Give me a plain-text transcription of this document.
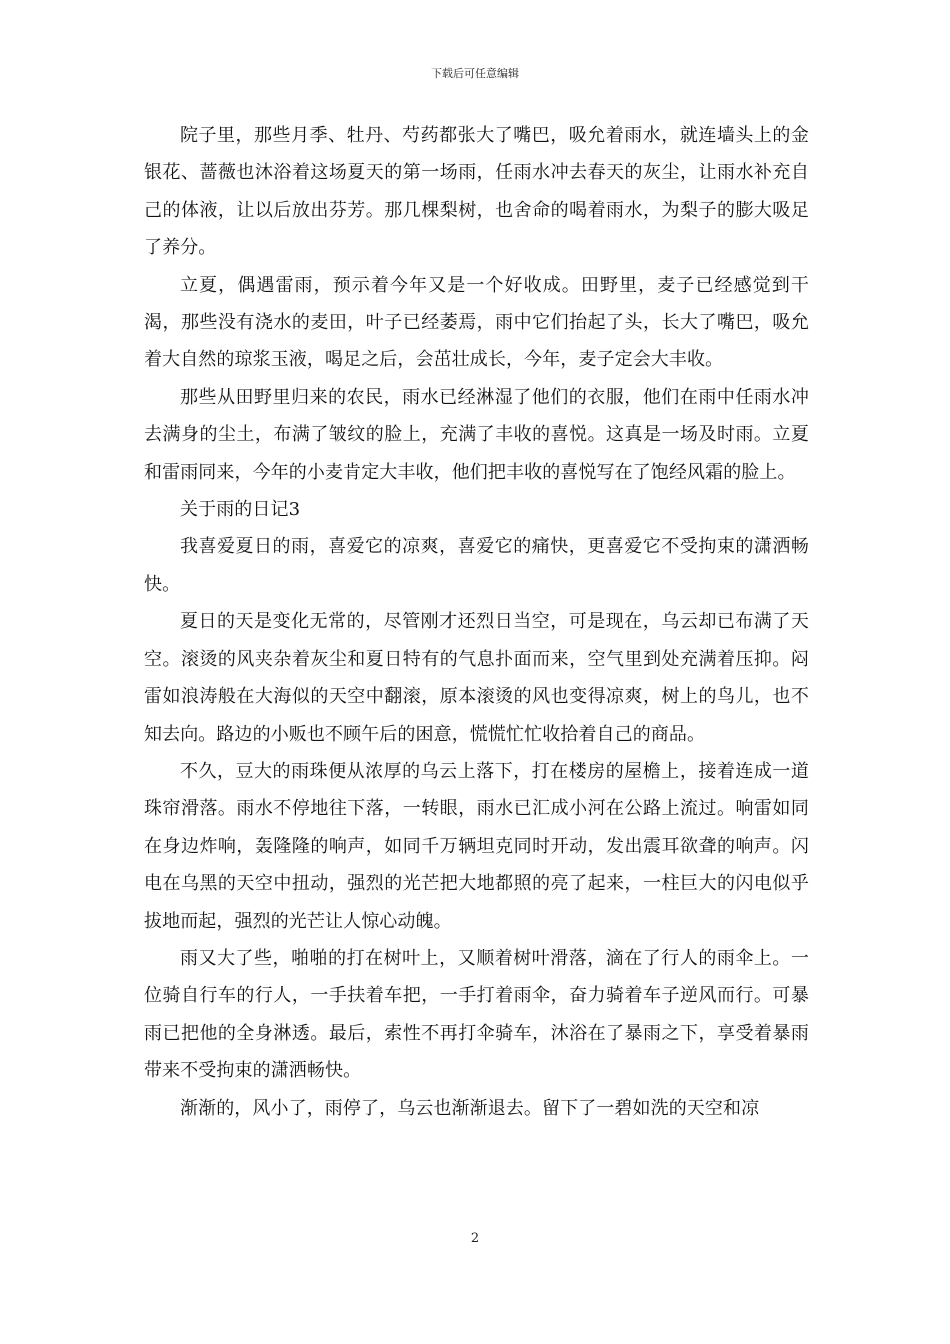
下载后可任意编辑

院子里，那些月季、牡丹、芍药都张大了嘴巴，吸允着雨水，就连墙头上的金银花、蔷薇也沐浴着这场夏天的第一场雨，任雨水冲去春天的灰尘，让雨水补充自己的体液，让以后放出芬芳。那几棵梨树，也舍命的喝着雨水，为梨子的膨大吸足了养分。

立夏，偶遇雷雨，预示着今年又是一个好收成。田野里，麦子已经感觉到干渴，那些没有浇水的麦田，叶子已经萎焉，雨中它们抬起了头，长大了嘴巴，吸允着大自然的琼浆玉液，喝足之后，会茁壮成长，今年，麦子定会大丰收。

那些从田野里归来的农民，雨水已经淋湿了他们的衣服，他们在雨中任雨水冲去满身的尘土，布满了皱纹的脸上，充满了丰收的喜悦。这真是一场及时雨。立夏和雷雨同来，今年的小麦肯定大丰收，他们把丰收的喜悦写在了饱经风霜的脸上。

关于雨的日记3

我喜爱夏日的雨，喜爱它的凉爽，喜爱它的痛快，更喜爱它不受拘束的潇洒畅快。

夏日的天是变化无常的，尽管刚才还烈日当空，可是现在，乌云却已布满了天空。滚烫的风夹杂着灰尘和夏日特有的气息扑面而来，空气里到处充满着压抑。闷雷如浪涛般在大海似的天空中翻滚，原本滚烫的风也变得凉爽，树上的鸟儿，也不知去向。路边的小贩也不顾午后的困意，慌慌忙忙收拾着自己的商品。

不久，豆大的雨珠便从浓厚的乌云上落下，打在楼房的屋檐上，接着连成一道珠帘滑落。雨水不停地往下落，一转眼，雨水已汇成小河在公路上流过。响雷如同在身边炸响，轰隆隆的响声，如同千万辆坦克同时开动，发出震耳欲聋的响声。闪电在乌黑的天空中扭动，强烈的光芒把大地都照的亮了起来，一柱巨大的闪电似乎拔地而起，强烈的光芒让人惊心动魄。

雨又大了些，啪啪的打在树叶上，又顺着树叶滑落，滴在了行人的雨伞上。一位骑自行车的行人，一手扶着车把，一手打着雨伞，奋力骑着车子逆风而行。可暴雨已把他的全身淋透。最后，索性不再打伞骑车，沐浴在了暴雨之下，享受着暴雨带来不受拘束的潇洒畅快。

渐渐的，风小了，雨停了，乌云也渐渐退去。留下了一碧如洗的天空和凉

2
